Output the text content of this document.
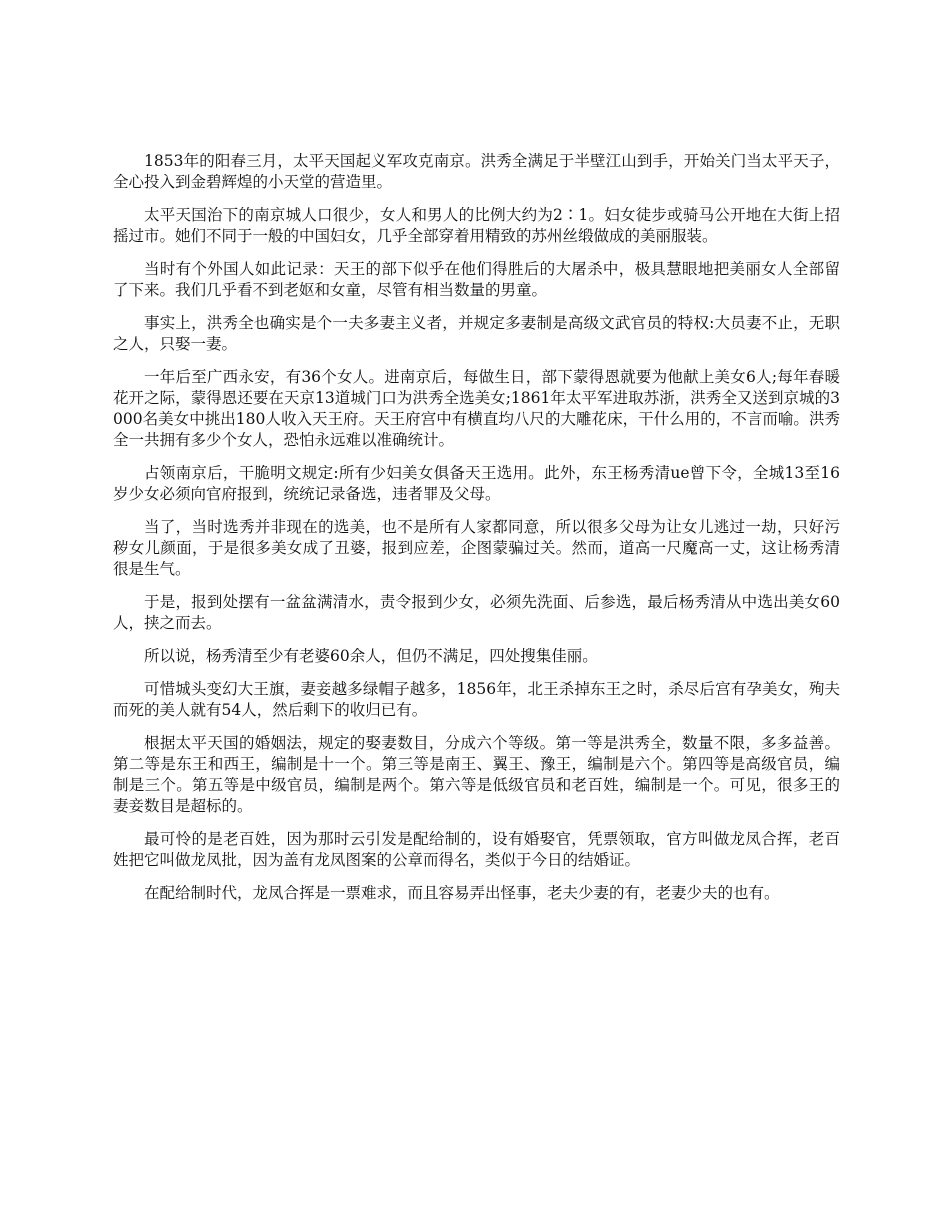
1853年的阳春三月，太平天国起义军攻克南京。洪秀全满足于半壁江山到手，开始关门当太平天子，全心投入到金碧辉煌的小天堂的营造里。

太平天国治下的南京城人口很少，女人和男人的比例大约为2∶1。妇女徒步或骑马公开地在大街上招摇过市。她们不同于一般的中国妇女，几乎全部穿着用精致的苏州丝缎做成的美丽服装。

当时有个外国人如此记录：天王的部下似乎在他们得胜后的大屠杀中，极具慧眼地把美丽女人全部留了下来。我们几乎看不到老妪和女童，尽管有相当数量的男童。

事实上，洪秀全也确实是个一夫多妻主义者，并规定多妻制是高级文武官员的特权:大员妻不止，无职之人，只娶一妻。

一年后至广西永安，有36个女人。进南京后，每做生日，部下蒙得恩就要为他献上美女6人;每年春暖花开之际，蒙得恩还要在天京13道城门口为洪秀全选美女;1861年太平军进取苏浙，洪秀全又送到京城的3000名美女中挑出180人收入天王府。天王府宫中有横直均八尺的大雕花床，干什么用的，不言而喻。洪秀全一共拥有多少个女人，恐怕永远难以准确统计。

占领南京后，干脆明文规定:所有少妇美女俱备天王选用。此外，东王杨秀清ue曾下令，全城13至16岁少女必须向官府报到，统统记录备选，违者罪及父母。

当了，当时选秀并非现在的选美，也不是所有人家都同意，所以很多父母为让女儿逃过一劫，只好污秽女儿颜面，于是很多美女成了丑婆，报到应差，企图蒙骗过关。然而，道高一尺魔高一丈，这让杨秀清很是生气。

于是，报到处摆有一盆盆满清水，责令报到少女，必须先洗面、后参选，最后杨秀清从中选出美女60人，挟之而去。

所以说，杨秀清至少有老婆60余人，但仍不满足，四处搜集佳丽。

可惜城头变幻大王旗，妻妾越多绿帽子越多，1856年，北王杀掉东王之时，杀尽后宫有孕美女，殉夫而死的美人就有54人，然后剩下的收归已有。

根据太平天国的婚姻法，规定的娶妻数目，分成六个等级。第一等是洪秀全，数量不限，多多益善。第二等是东王和西王，编制是十一个。第三等是南王、翼王、豫王，编制是六个。第四等是高级官员，编制是三个。第五等是中级官员，编制是两个。第六等是低级官员和老百姓，编制是一个。可见，很多王的妻妾数目是超标的。

最可怜的是老百姓，因为那时云引发是配给制的，设有婚娶官，凭票领取，官方叫做龙凤合挥，老百姓把它叫做龙凤批，因为盖有龙凤图案的公章而得名，类似于今日的结婚证。

在配给制时代，龙凤合挥是一票难求，而且容易弄出怪事，老夫少妻的有，老妻少夫的也有。
